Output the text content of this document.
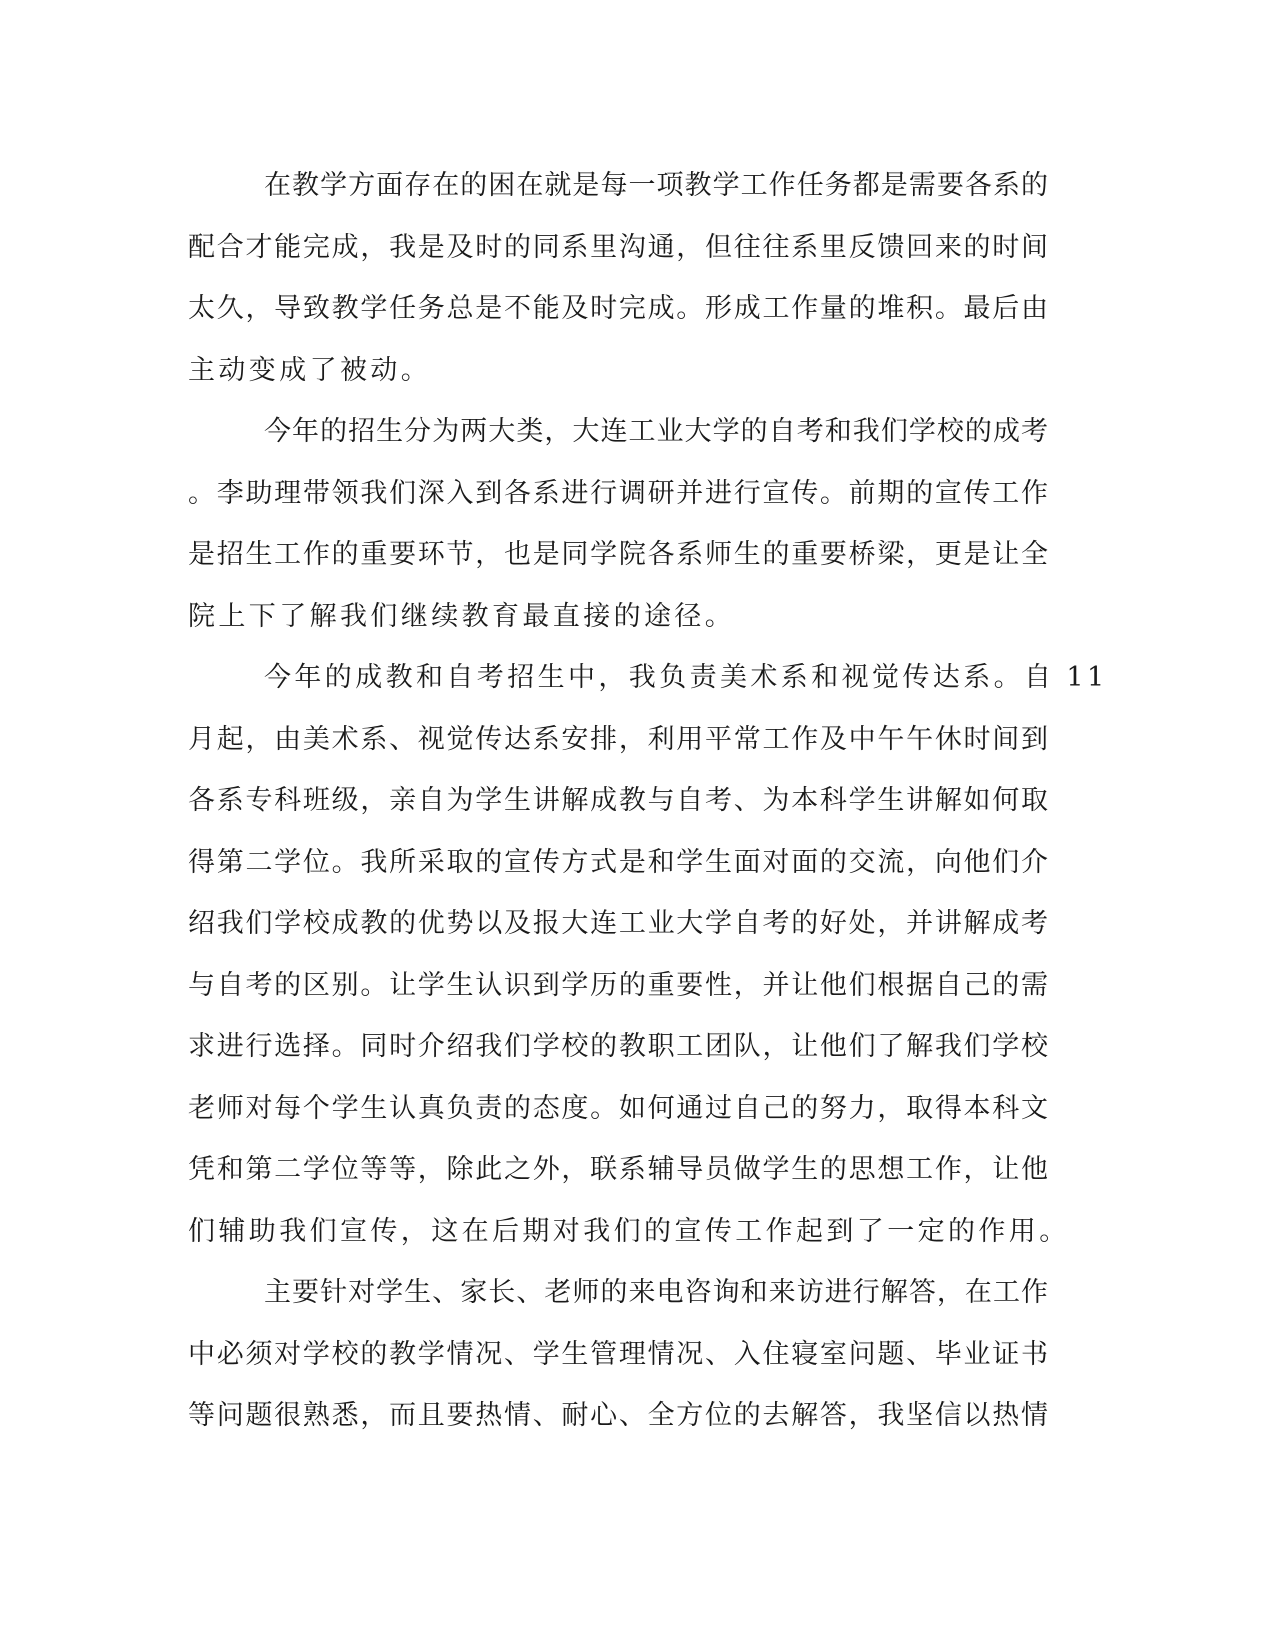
在教学方面存在的困在就是每一项教学工作任务都是需要各系的
配合才能完成，我是及时的同系里沟通，但往往系里反馈回来的时间
太久，导致教学任务总是不能及时完成。形成工作量的堆积。最后由
主动变成了被动。
今年的招生分为两大类，大连工业大学的自考和我们学校的成考
。李助理带领我们深入到各系进行调研并进行宣传。前期的宣传工作
是招生工作的重要环节，也是同学院各系师生的重要桥梁，更是让全
院上下了解我们继续教育最直接的途径。
今年的成教和自考招生中，我负责美术系和视觉传达系。自 11
月起，由美术系、视觉传达系安排，利用平常工作及中午午休时间到
各系专科班级，亲自为学生讲解成教与自考、为本科学生讲解如何取
得第二学位。我所采取的宣传方式是和学生面对面的交流，向他们介
绍我们学校成教的优势以及报大连工业大学自考的好处，并讲解成考
与自考的区别。让学生认识到学历的重要性，并让他们根据自己的需
求进行选择。同时介绍我们学校的教职工团队，让他们了解我们学校
老师对每个学生认真负责的态度。如何通过自己的努力，取得本科文
凭和第二学位等等，除此之外，联系辅导员做学生的思想工作，让他
们辅助我们宣传，这在后期对我们的宣传工作起到了一定的作用。
主要针对学生、家长、老师的来电咨询和来访进行解答，在工作
中必须对学校的教学情况、学生管理情况、入住寝室问题、毕业证书
等问题很熟悉，而且要热情、耐心、全方位的去解答，我坚信以热情
